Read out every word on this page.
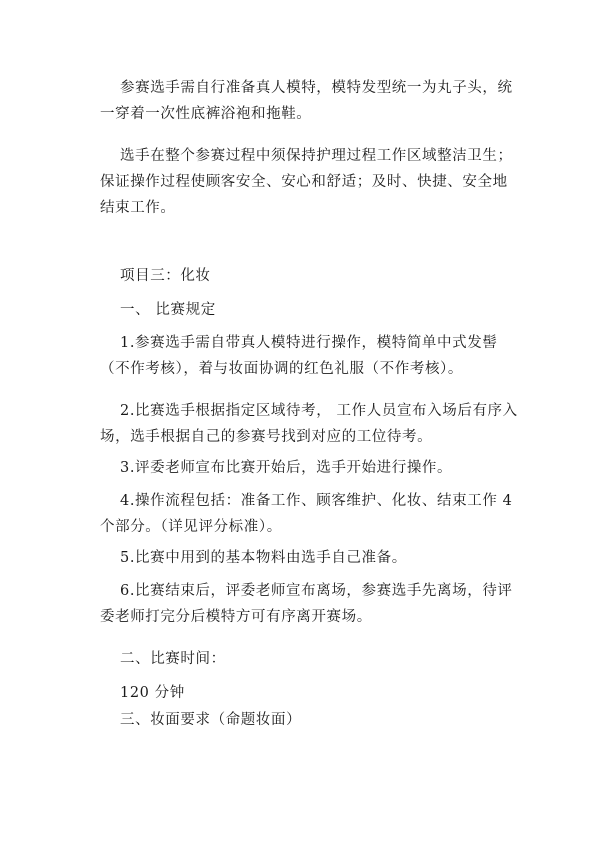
参赛选手需自行准备真人模特，模特发型统一为丸子头，统一穿着一次性底裤浴袍和拖鞋。

选手在整个参赛过程中须保持护理过程工作区域整洁卫生； 保证操作过程使顾客安全、安心和舒适；及时、快捷、安全地结束工作。

项目三：化妆
一、 比赛规定

1.参赛选手需自带真人模特进行操作，模特简单中式发髻（不作考核），着与妆面协调的红色礼服（不作考核）。

2.比赛选手根据指定区域待考， 工作人员宣布入场后有序入场，选手根据自己的参赛号找到对应的工位待考。

3.评委老师宣布比赛开始后，选手开始进行操作。

4.操作流程包括：准备工作、顾客维护、化妆、结束工作 4 个部分。（详见评分标准）。

5.比赛中用到的基本物料由选手自己准备。

6.比赛结束后，评委老师宣布离场，参赛选手先离场，待评委老师打完分后模特方可有序离开赛场。

二、比赛时间：
120 分钟
三、妆面要求（命题妆面）
